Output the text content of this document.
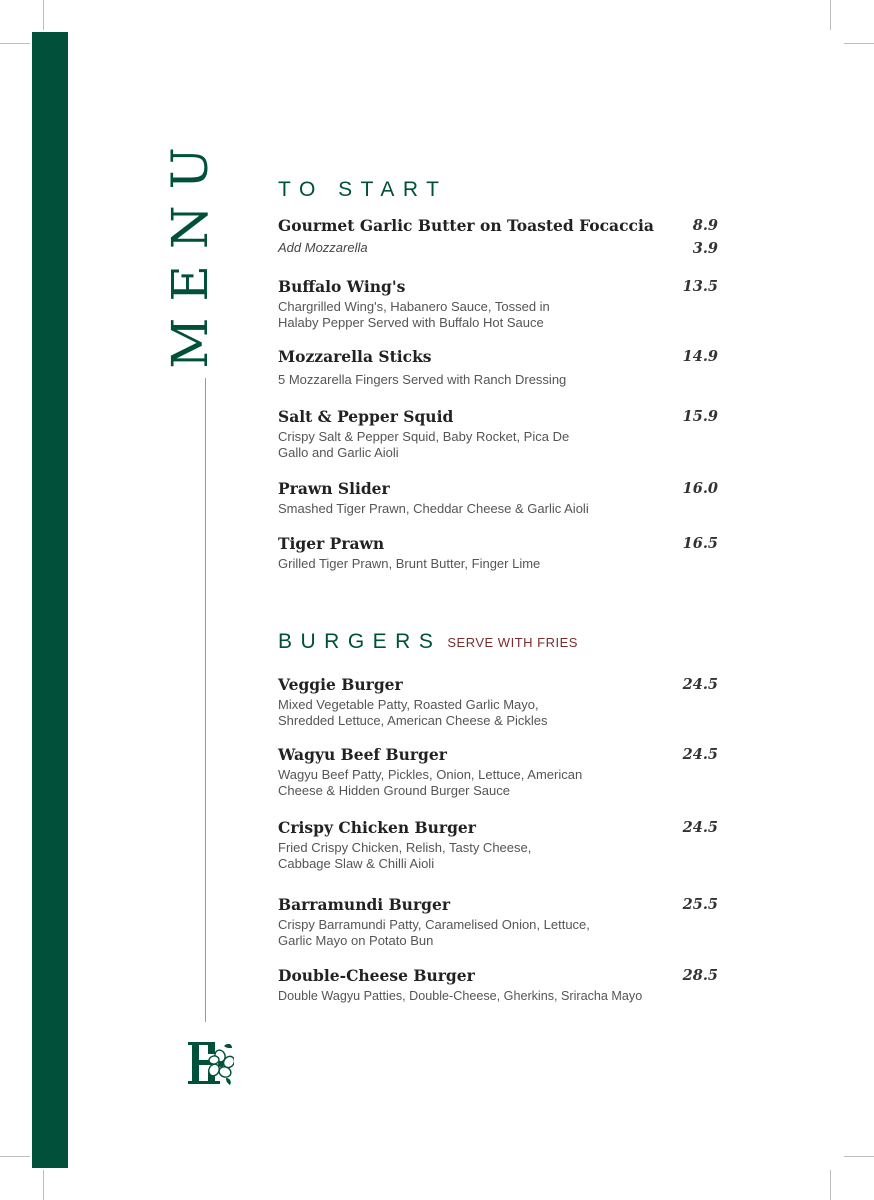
MENU	TO START
Gourmet Garlic Butter on Toasted Focaccia	8.9
Add Mozzarella	3.9
Buffalo Wing's	13.5
Chargrilled Wing's, Habanero Sauce, Tossed in Halaby Pepper Served with Buffalo Hot Sauce
Mozzarella Sticks	14.9
5 Mozzarella Fingers Served with Ranch Dressing
Salt & Pepper Squid	15.9
Crispy Salt & Pepper Squid, Baby Rocket, Pica De Gallo and Garlic Aioli
Prawn Slider	16.0
Smashed Tiger Prawn, Cheddar Cheese & Garlic Aioli
Tiger Prawn	16.5
Grilled Tiger Prawn, Brunt Butter, Finger Lime
BURGERS SERVE WITH FRIES
Veggie Burger	24.5
Mixed Vegetable Patty, Roasted Garlic Mayo, Shredded Lettuce, American Cheese & Pickles
Wagyu Beef Burger	24.5
Wagyu Beef Patty, Pickles, Onion, Lettuce, American Cheese & Hidden Ground Burger Sauce
Crispy Chicken Burger	24.5
Fried Crispy Chicken, Relish, Tasty Cheese, Cabbage Slaw & Chilli Aioli
Barramundi Burger	25.5
Crispy Barramundi Patty, Caramelised Onion, Lettuce, Garlic Mayo on Potato Bun
Double-Cheese Burger	28.5
Double Wagyu Patties, Double-Cheese, Gherkins, Sriracha Mayo
